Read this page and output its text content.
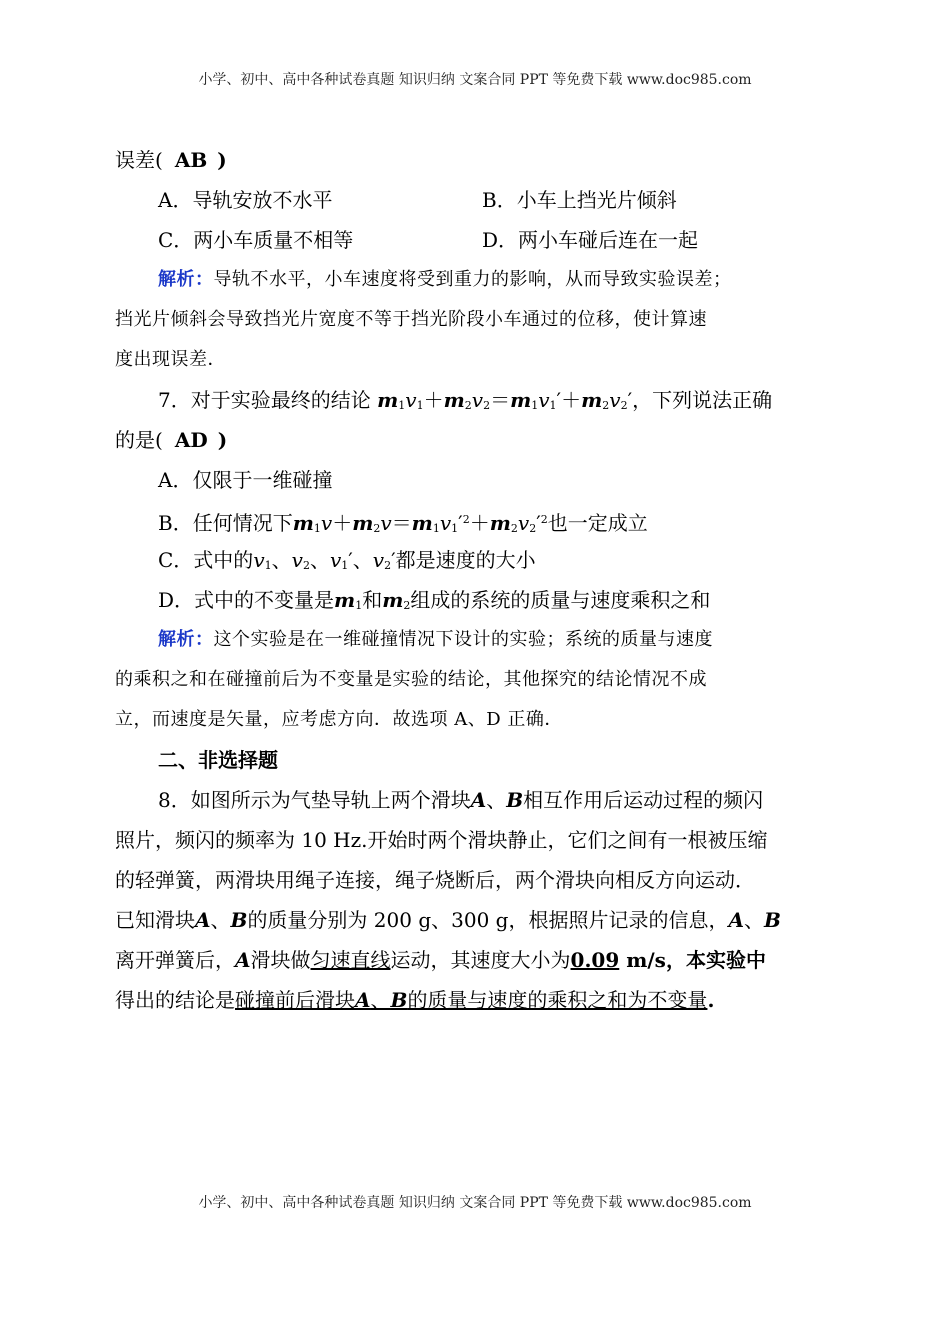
小学、初中、高中各种试卷真题 知识归纳 文案合同 PPT 等免费下载 www.doc985.com
误差( AB )
A．导轨安放不水平	B．小车上挡光片倾斜
C．两小车质量不相等	D．两小车碰后连在一起
解析：导轨不水平，小车速度将受到重力的影响，从而导致实验误差；
挡光片倾斜会导致挡光片宽度不等于挡光阶段小车通过的位移，使计算速
度出现误差．
7．对于实验最终的结论 $m_1v_1+m_2v_2=m_1v_1'+m_2v_2'$，下列说法正确
的是( AD )
A．仅限于一维碰撞
B．任何情况下$m_1v+m_2v=m_1v_1'^2+m_2v_2'^2$也一定成立
C．式中的$v_1$、$v_2$、$v_1'$、$v_2'$都是速度的大小
D．式中的不变量是$m_1$和$m_2$组成的系统的质量与速度乘积之和
解析：这个实验是在一维碰撞情况下设计的实验；系统的质量与速度
的乘积之和在碰撞前后为不变量是实验的结论，其他探究的结论情况不成
立，而速度是矢量，应考虑方向．故选项 A、D 正确．
二、非选择题
8．如图所示为气垫导轨上两个滑块A、B相互作用后运动过程的频闪
照片，频闪的频率为 10 Hz.开始时两个滑块静止，它们之间有一根被压缩
的轻弹簧，两滑块用绳子连接，绳子烧断后，两个滑块向相反方向运动．
已知滑块A、B的质量分别为 200 g、300 g，根据照片记录的信息，A、B
离开弹簧后，A滑块做匀速直线运动，其速度大小为0.09 m/s，本实验中
得出的结论是碰撞前后滑块A、B的质量与速度的乘积之和为不变量.
小学、初中、高中各种试卷真题 知识归纳 文案合同 PPT 等免费下载 www.doc985.com
